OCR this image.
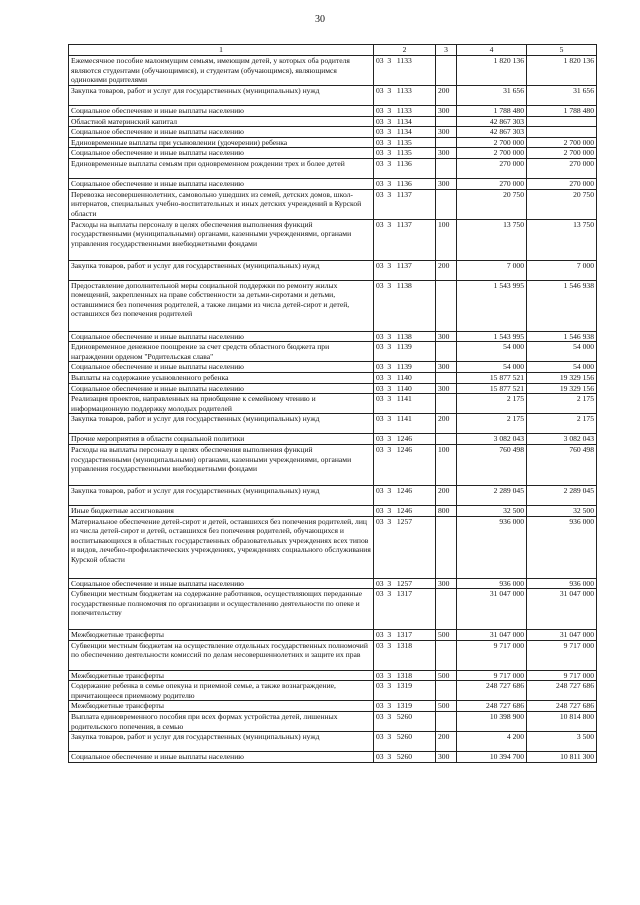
30
1	2	3	4	5
Ежемесячное пособие малоимущим семьям, имеющим детей, у которых оба родителя являются студентами (обучающимися), и студентам (обучающимся), являющимся одинокими родителями	03  3   1133		1 820 136	1 820 136
Закупка товаров, работ и услуг для государственных (муниципальных) нужд	03  3   1133	200	31 656	31 656
Социальное обеспечение и иные выплаты населению	03  3   1133	300	1 788 480	1 788 480
Областной материнский капитал	03  3   1134		42 867 303	
Социальное обеспечение и иные выплаты населению	03  3   1134	300	42 867 303	
Единовременные выплаты при усыновлении (удочерении) ребенка	03  3   1135		2 700 000	2 700 000
Социальное обеспечение и иные выплаты населению	03  3   1135	300	2 700 000	2 700 000
Единовременные выплаты семьям при одновременном рождении трех и более детей	03  3   1136		270 000	270 000
Социальное обеспечение и иные выплаты населению	03  3   1136	300	270 000	270 000
Перевозка несовершеннолетних, самовольно ушедших из семей, детских домов, школ-интернатов, специальных учебно-воспитательных и иных детских учреждений в Курской области	03  3   1137		20 750	20 750
Расходы на выплаты персоналу в целях обеспечения выполнения функций государственными (муниципальными) органами, казенными учреждениями, органами управления государственными внебюджетными фондами	03  3   1137	100	13 750	13 750
Закупка товаров, работ и услуг для государственных (муниципальных) нужд	03  3   1137	200	7 000	7 000
Предоставление дополнительной меры социальной поддержки по ремонту жилых помещений, закрепленных на праве собственности за детьми-сиротами и детьми, оставшимися без попечения родителей, а также лицами из числа детей-сирот и детей, оставшихся без попечения родителей	03  3   1138		1 543 995	1 546 938
Социальное обеспечение и иные выплаты населению	03  3   1138	300	1 543 995	1 546 938
Единовременное денежное поощрение за счет средств областного бюджета при награждении орденом "Родительская слава"	03  3   1139		54 000	54 000
Социальное обеспечение и иные выплаты населению	03  3   1139	300	54 000	54 000
Выплаты на содержание усыновленного ребенка	03  3   1140		15 877 521	19 329 156
Социальное обеспечение и иные выплаты населению	03  3   1140	300	15 877 521	19 329 156
Реализация проектов, направленных на приобщение к семейному чтению и информационную поддержку молодых родителей	03  3   1141		2 175	2 175
Закупка товаров, работ и услуг для государственных (муниципальных) нужд	03  3   1141	200	2 175	2 175
Прочие мероприятия в области социальной политики	03  3   1246		3 082 043	3 082 043
Расходы на выплаты персоналу в целях обеспечения выполнения функций государственными (муниципальными) органами, казенными учреждениями, органами управления государственными внебюджетными фондами	03  3   1246	100	760 498	760 498
Закупка товаров, работ и услуг для государственных (муниципальных) нужд	03  3   1246	200	2 289 045	2 289 045
Иные бюджетные ассигнования	03  3   1246	800	32 500	32 500
Материальное обеспечение детей-сирот и детей, оставшихся без попечения родителей, лиц из числа детей-сирот и детей, оставшихся без попечения родителей, обучающихся и воспитывающихся в областных государственных образовательных учреждениях всех типов и видов, лечебно-профилактических учреждениях, учреждениях социального обслуживания Курской области	03  3   1257		936 000	936 000
Социальное обеспечение и иные выплаты населению	03  3   1257	300	936 000	936 000
Субвенции местным бюджетам на содержание работников, осуществляющих переданные государственные полномочия по организации и осуществлению деятельности по опеке и попечительству	03  3   1317		31 047 000	31 047 000
Межбюджетные трансферты	03  3   1317	500	31 047 000	31 047 000
Субвенции местным бюджетам на осуществление отдельных государственных полномочий по обеспечению деятельности комиссий по делам несовершеннолетних и защите их прав	03  3   1318		9 717 000	9 717 000
Межбюджетные трансферты	03  3   1318	500	9 717 000	9 717 000
Содержание ребенка в семье опекуна и приемной семье, а также вознаграждение, причитающееся приемному родителю	03  3   1319		248 727 686	248 727 686
Межбюджетные трансферты	03  3   1319	500	248 727 686	248 727 686
Выплата единовременного пособия при всех формах устройства детей, лишенных родительского попечения, в семью	03  3   5260		10 398 900	10 814 800
Закупка товаров, работ и услуг для государственных (муниципальных) нужд	03  3   5260	200	4 200	3 500
Социальное обеспечение и иные выплаты населению	03  3   5260	300	10 394 700	10 811 300
